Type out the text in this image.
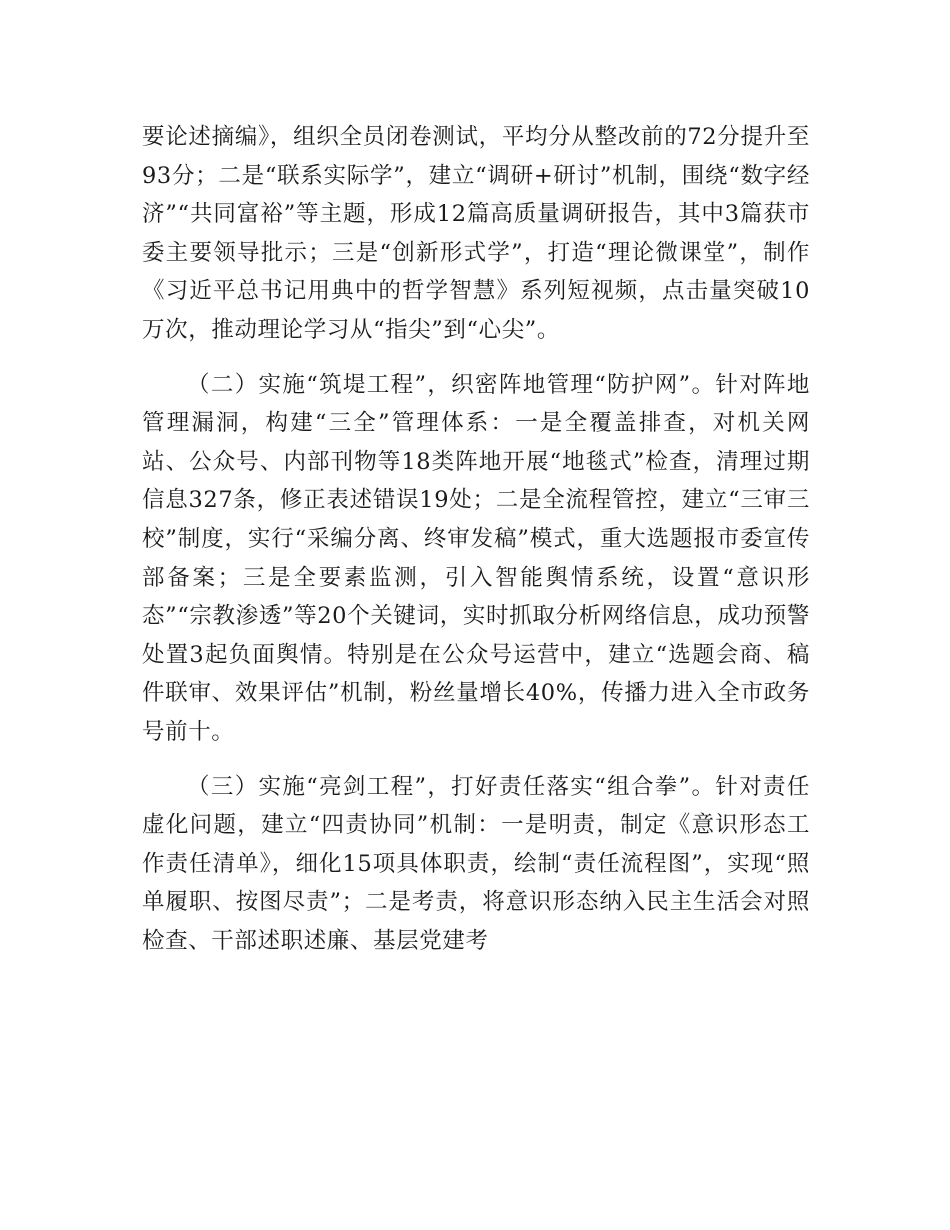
要论述摘编》，组织全员闭卷测试，平均分从整改前的72分提升至93分；二是“联系实际学”，建立“调研+研讨”机制，围绕“数字经济”“共同富裕”等主题，形成12篇高质量调研报告，其中3篇获市委主要领导批示；三是“创新形式学”，打造“理论微课堂”，制作《习近平总书记用典中的哲学智慧》系列短视频，点击量突破10万次，推动理论学习从“指尖”到“心尖”。

（二）实施“筑堤工程”，织密阵地管理“防护网”。针对阵地管理漏洞，构建“三全”管理体系：一是全覆盖排查，对机关网站、公众号、内部刊物等18类阵地开展“地毯式”检查，清理过期信息327条，修正表述错误19处；二是全流程管控，建立“三审三校”制度，实行“采编分离、终审发稿”模式，重大选题报市委宣传部备案；三是全要素监测，引入智能舆情系统，设置“意识形态”“宗教渗透”等20个关键词，实时抓取分析网络信息，成功预警处置3起负面舆情。特别是在公众号运营中，建立“选题会商、稿件联审、效果评估”机制，粉丝量增长40%，传播力进入全市政务号前十。

（三）实施“亮剑工程”，打好责任落实“组合拳”。针对责任虚化问题，建立“四责协同”机制：一是明责，制定《意识形态工作责任清单》，细化15项具体职责，绘制“责任流程图”，实现“照单履职、按图尽责”；二是考责，将意识形态纳入民主生活会对照检查、干部述职述廉、基层党建考
